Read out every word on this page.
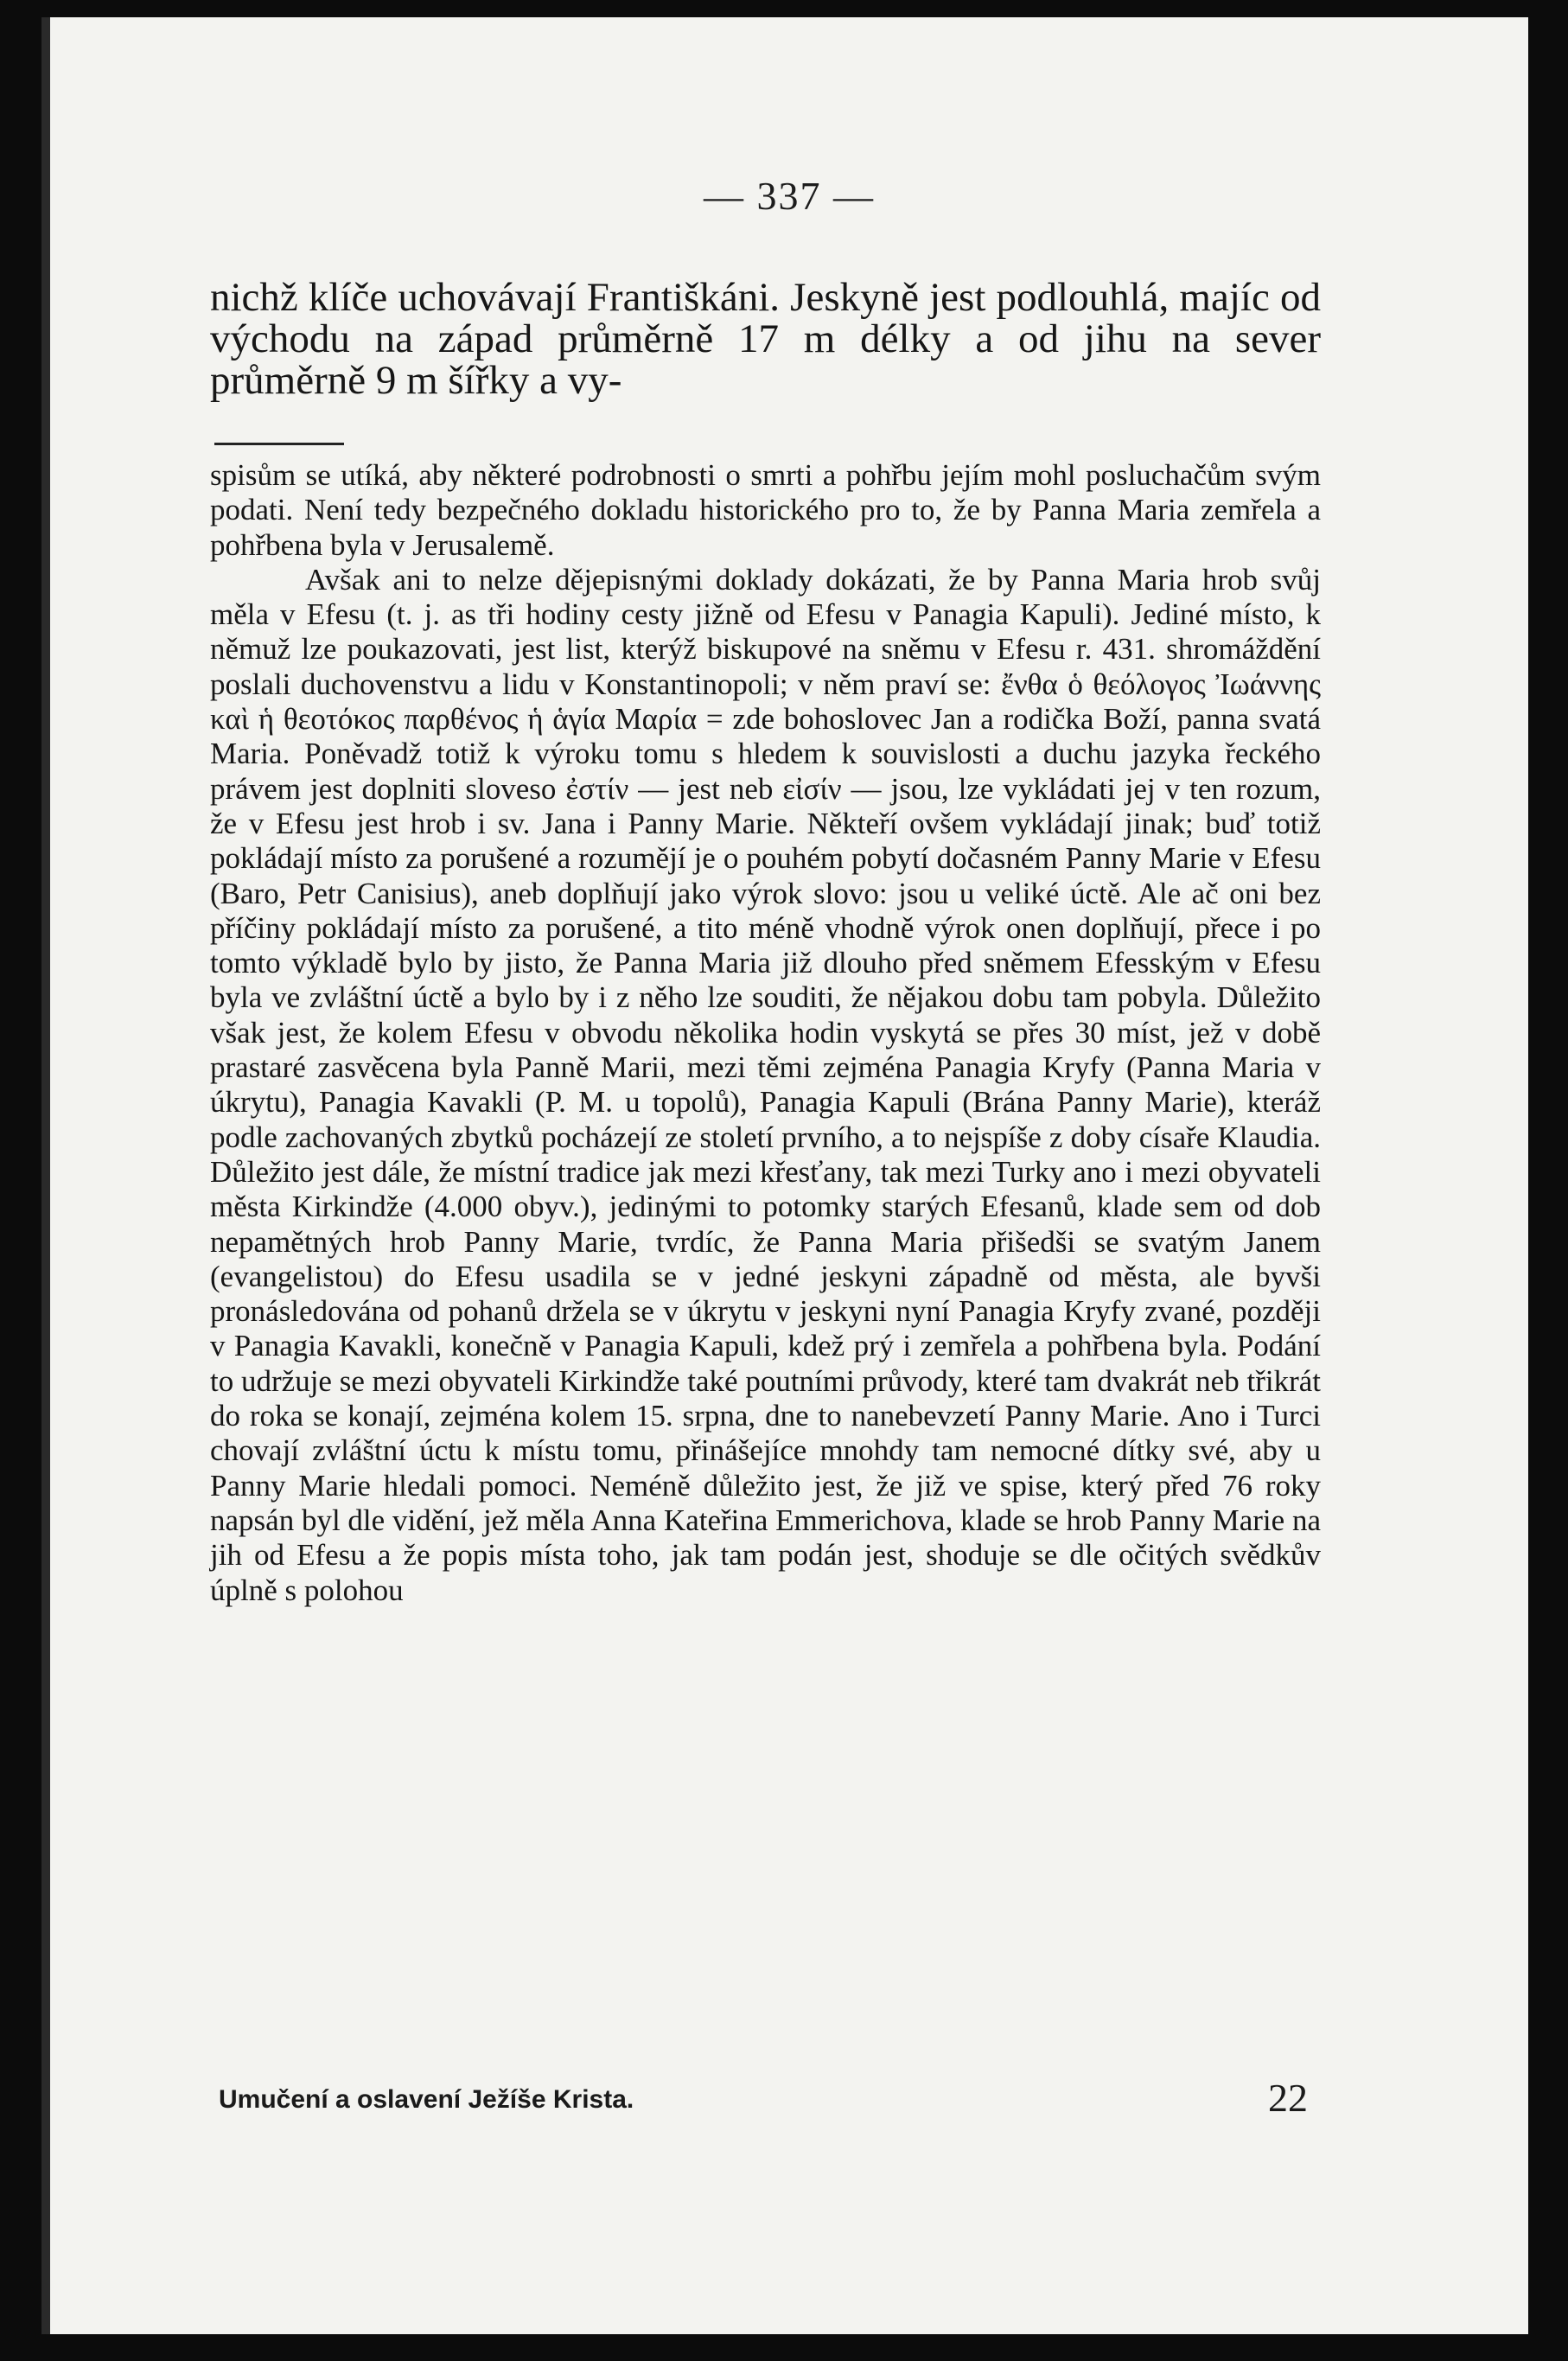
— 337 —

nichž klíče uchovávají Františkáni. Jeskyně jest podlouhlá, majíc od východu na západ průměrně 17 m délky a od jihu na sever průměrně 9 m šířky a vy-

spisům se utíká, aby některé podrobnosti o smrti a pohřbu jejím mohl posluchačům svým podati. Není tedy bezpečného dokladu historického pro to, že by Panna Maria zemřela a pohřbena byla v Jerusalemě.

Avšak ani to nelze dějepisnými doklady dokázati, že by Panna Maria hrob svůj měla v Efesu (t. j. as tři hodiny cesty jižně od Efesu v Panagia Kapuli). Jediné místo, k němuž lze poukazovati, jest list, kterýž biskupové na sněmu v Efesu r. 431. shromáždění poslali duchovenstvu a lidu v Konstantinopoli; v něm praví se: ἔνθα ὁ θεόλογος Ἰωάννης καὶ ἡ θεοτόκος παρθένος ἡ ἁγία Μαρία = zde bohoslovec Jan a rodička Boží, panna svatá Maria. Poněvadž totiž k výroku tomu s hledem k souvislosti a duchu jazyka řeckého právem jest doplniti sloveso ἐστίν — jest neb εἰσίν — jsou, lze vykládati jej v ten rozum, že v Efesu jest hrob i sv. Jana i Panny Marie. Někteří ovšem vykládají jinak; buď totiž pokládají místo za porušené a rozumějí je o pouhém pobytí dočasném Panny Marie v Efesu (Baro, Petr Canisius), aneb doplňují jako výrok slovo: jsou u veliké úctě. Ale ač oni bez příčiny pokládají místo za porušené, a tito méně vhodně výrok onen doplňují, přece i po tomto výkladě bylo by jisto, že Panna Maria již dlouho před sněmem Efesským v Efesu byla ve zvláštní úctě a bylo by i z něho lze souditi, že nějakou dobu tam pobyla. Důležito však jest, že kolem Efesu v obvodu několika hodin vyskytá se přes 30 míst, jež v době prastaré zasvěcena byla Panně Marii, mezi těmi zejména Panagia Kryfy (Panna Maria v úkrytu), Panagia Kavakli (P. M. u topolů), Panagia Kapuli (Brána Panny Marie), kteráž podle zachovaných zbytků pocházejí ze století prvního, a to nejspíše z doby císaře Klaudia. Důležito jest dále, že místní tradice jak mezi křesťany, tak mezi Turky ano i mezi obyvateli města Kirkindže (4.000 obyv.), jedinými to potomky starých Efesanů, klade sem od dob nepamětných hrob Panny Marie, tvrdíc, že Panna Maria přišedši se svatým Janem (evangelistou) do Efesu usadila se v jedné jeskyni západně od města, ale byvši pronásledována od pohanů držela se v úkrytu v jeskyni nyní Panagia Kryfy zvané, později v Panagia Kavakli, konečně v Panagia Kapuli, kdež prý i zemřela a pohřbena byla. Podání to udržuje se mezi obyvateli Kirkindže také poutními průvody, které tam dvakrát neb třikrát do roka se konají, zejména kolem 15. srpna, dne to nanebevzetí Panny Marie. Ano i Turci chovají zvláštní úctu k místu tomu, přinášejíce mnohdy tam nemocné dítky své, aby u Panny Marie hledali pomoci. Neméně důležito jest, že již ve spise, který před 76 roky napsán byl dle vidění, jež měla Anna Kateřina Emmerichova, klade se hrob Panny Marie na jih od Efesu a že popis místa toho, jak tam podán jest, shoduje se dle očitých svědkův úplně s polohou

Umučení a oslavení Ježíše Krista.	22
